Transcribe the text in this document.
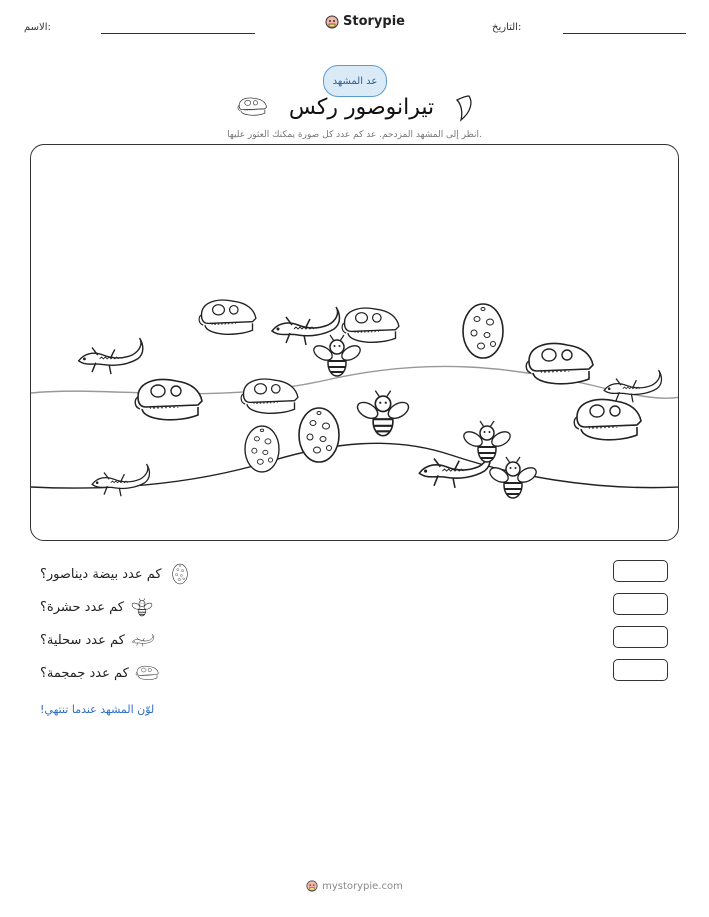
الاسم:	Storypie	التاريخ:
عد المشهد
تيرانوصور ركس
انظر إلى المشهد المزدحم. عد كم عدد كل صورة يمكنك العثور عليها.
كم عدد بيضة ديناصور؟
كم عدد حشرة؟
كم عدد سحلية؟
كم عدد جمجمة؟
لوّن المشهد عندما تنتهي!
mystorypie.com
